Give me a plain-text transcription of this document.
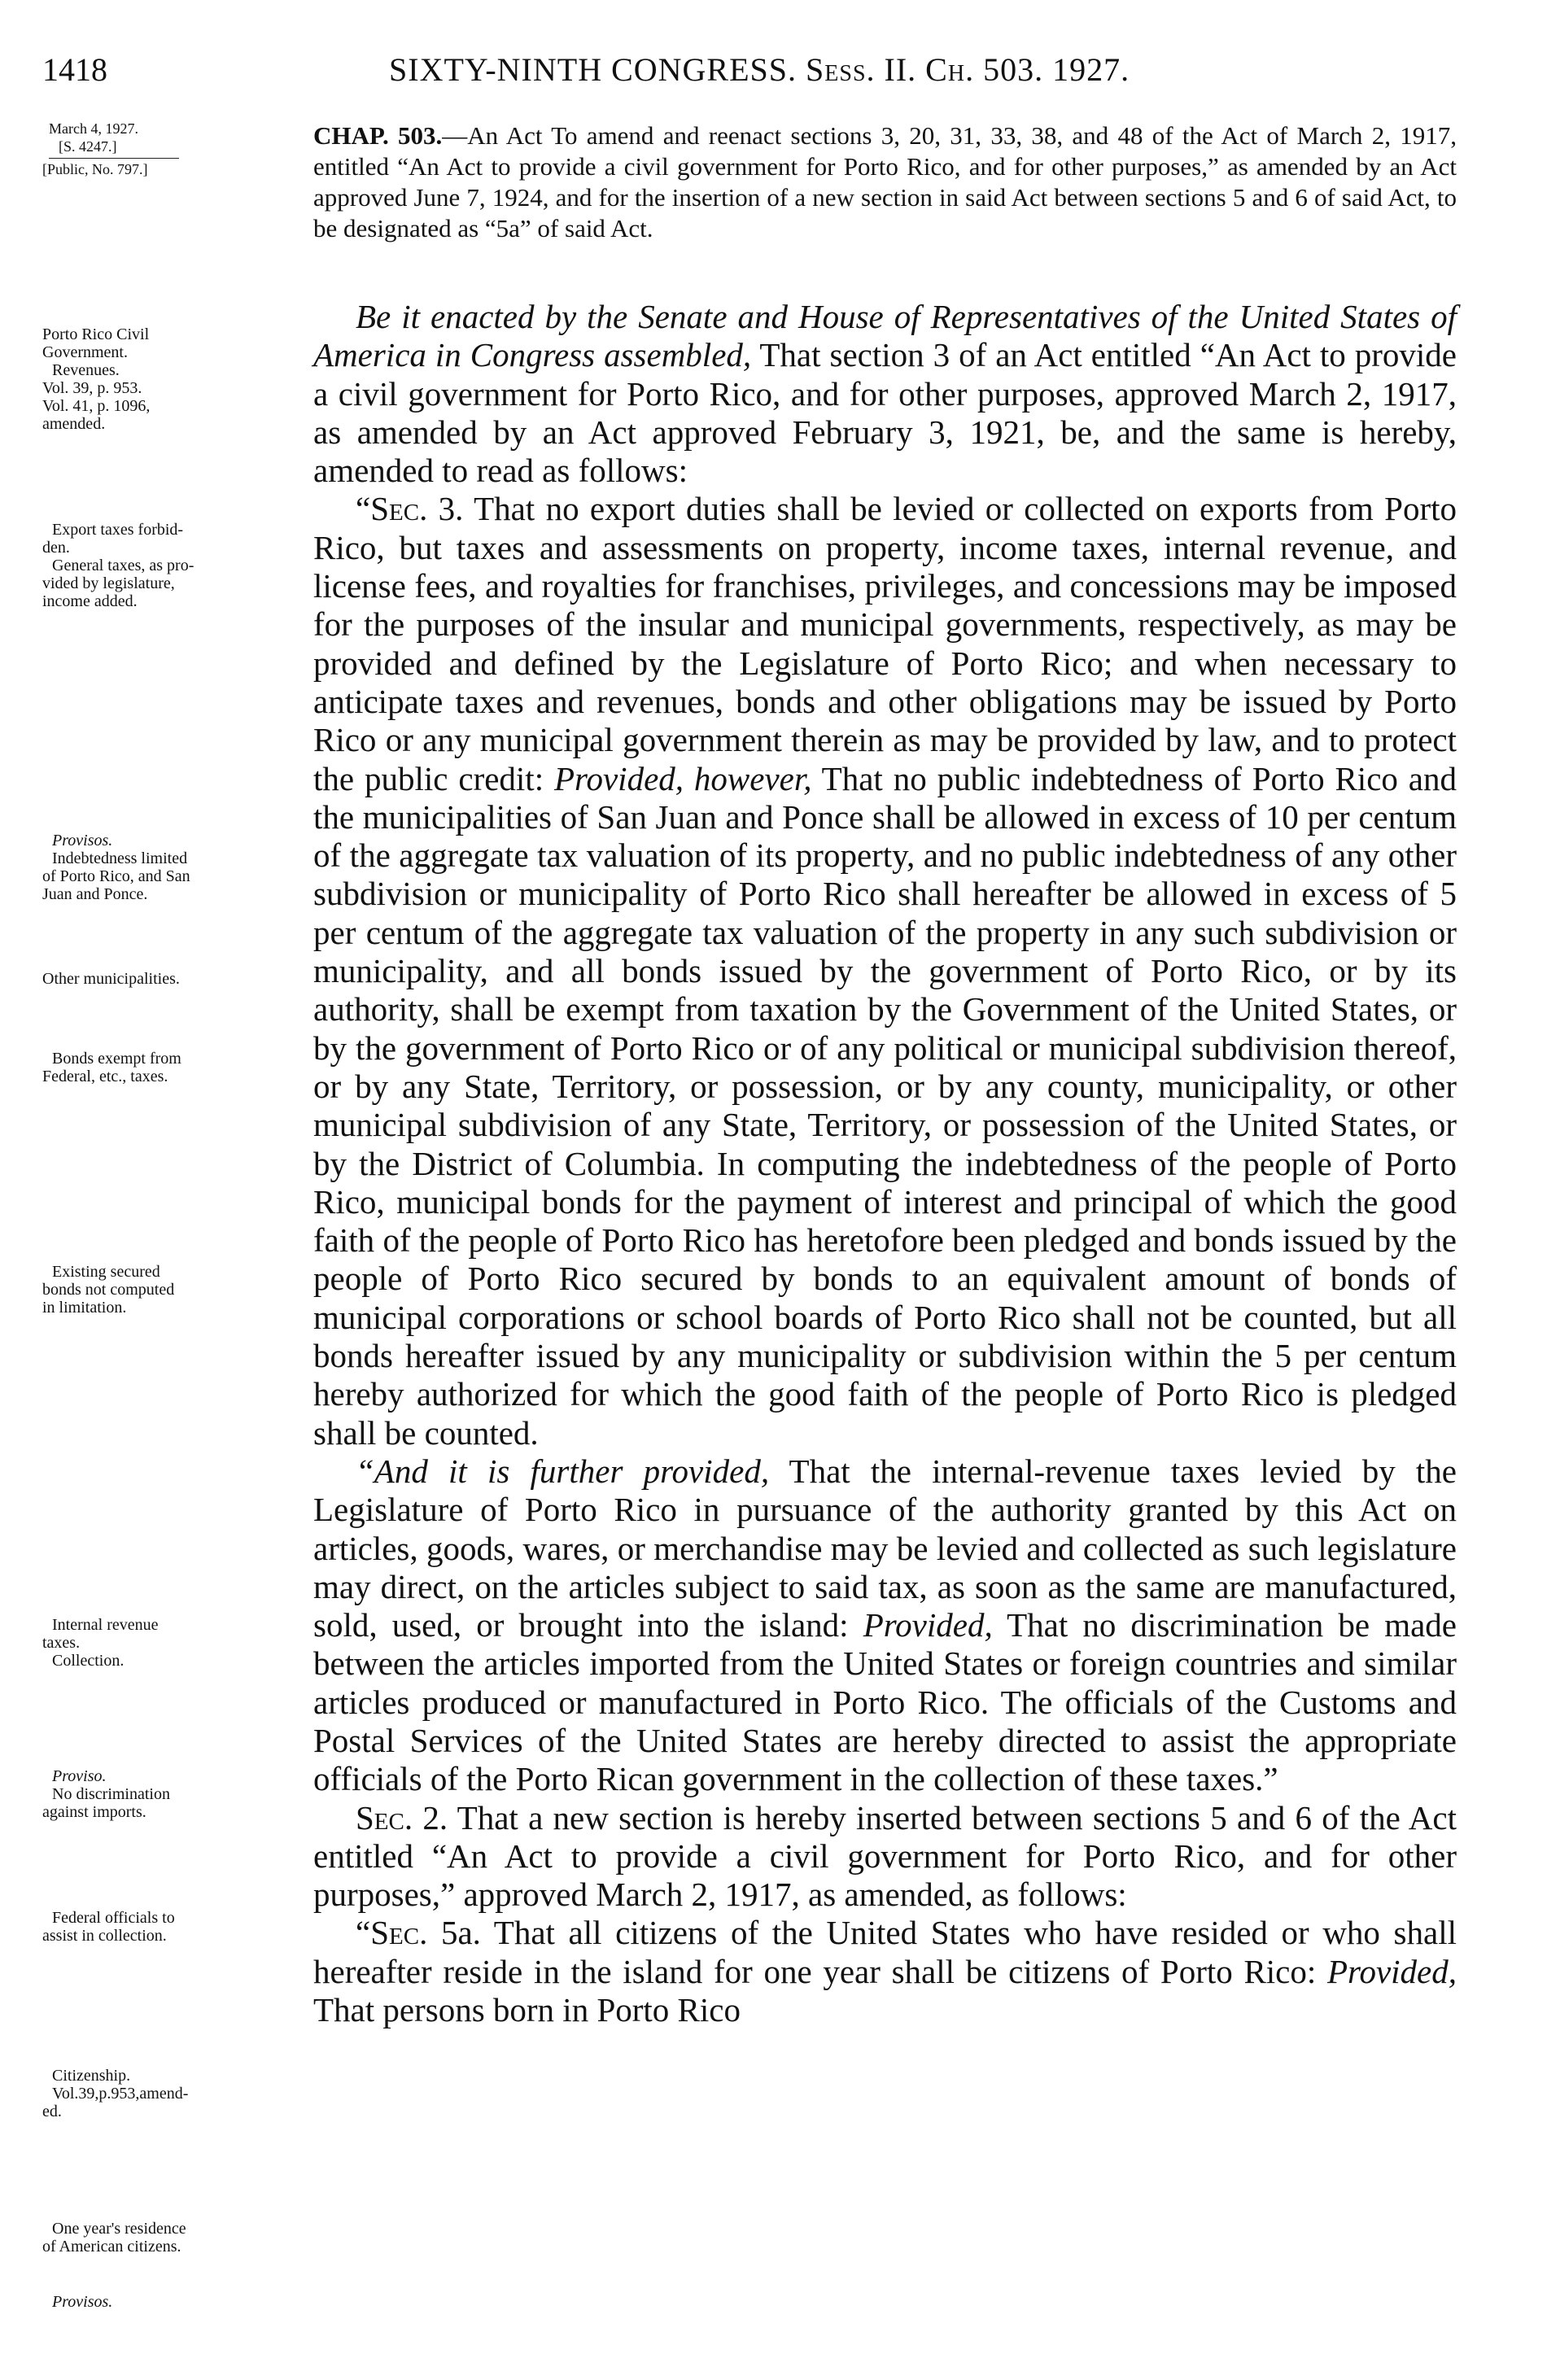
1418	SIXTY-NINTH CONGRESS. Sess. II. Ch. 503. 1927.
March 4, 1927.
[S. 4247.]
[Public, No. 797.]
CHAP. 503.—An Act To amend and reenact sections 3, 20, 31, 33, 38, and 48 of the Act of March 2, 1917, entitled “An Act to provide a civil government for Porto Rico, and for other purposes,” as amended by an Act approved June 7, 1924, and for the insertion of a new section in said Act between sections 5 and 6 of said Act, to be designated as “5a” of said Act.
Porto Rico Civil
Government.
Revenues.
Vol. 39, p. 953.
Vol. 41, p. 1096,
amended.
Export taxes forbid-
den.
General taxes, as pro-
vided by legislature,
income added.
Provisos.
Indebtedness limited
of Porto Rico, and San
Juan and Ponce.
Other municipalities.
Bonds exempt from
Federal, etc., taxes.
Existing secured
bonds not computed
in limitation.
Internal revenue
taxes.
Collection.
Proviso.
No discrimination
against imports.
Federal officials to
assist in collection.
Citizenship.
Vol.39,p.953,amend-
ed.
One year's residence
of American citizens.
Provisos.

Be it enacted by the Senate and House of Representatives of the United States of America in Congress assembled, That section 3 of an Act entitled “An Act to provide a civil government for Porto Rico, and for other purposes, approved March 2, 1917, as amended by an Act approved February 3, 1921, be, and the same is hereby, amended to read as follows:

“Sec. 3. That no export duties shall be levied or collected on exports from Porto Rico, but taxes and assessments on property, income taxes, internal revenue, and license fees, and royalties for franchises, privileges, and concessions may be imposed for the purposes of the insular and municipal governments, respectively, as may be provided and defined by the Legislature of Porto Rico; and when necessary to anticipate taxes and revenues, bonds and other obligations may be issued by Porto Rico or any municipal government therein as may be provided by law, and to protect the public credit: Provided, however, That no public indebtedness of Porto Rico and the municipalities of San Juan and Ponce shall be allowed in excess of 10 per centum of the aggregate tax valuation of its property, and no public indebtedness of any other subdivision or municipality of Porto Rico shall hereafter be allowed in excess of 5 per centum of the aggregate tax valuation of the property in any such subdivision or municipality, and all bonds issued by the government of Porto Rico, or by its authority, shall be exempt from taxation by the Government of the United States, or by the government of Porto Rico or of any political or municipal subdivision thereof, or by any State, Territory, or possession, or by any county, municipality, or other municipal subdivision of any State, Territory, or possession of the United States, or by the District of Columbia. In computing the indebtedness of the people of Porto Rico, municipal bonds for the payment of interest and principal of which the good faith of the people of Porto Rico has heretofore been pledged and bonds issued by the people of Porto Rico secured by bonds to an equivalent amount of bonds of municipal corporations or school boards of Porto Rico shall not be counted, but all bonds hereafter issued by any municipality or subdivision within the 5 per centum hereby authorized for which the good faith of the people of Porto Rico is pledged shall be counted.

“And it is further provided, That the internal-revenue taxes levied by the Legislature of Porto Rico in pursuance of the authority granted by this Act on articles, goods, wares, or merchandise may be levied and collected as such legislature may direct, on the articles subject to said tax, as soon as the same are manufactured, sold, used, or brought into the island: Provided, That no discrimination be made between the articles imported from the United States or foreign countries and similar articles produced or manufactured in Porto Rico. The officials of the Customs and Postal Services of the United States are hereby directed to assist the appropriate officials of the Porto Rican government in the collection of these taxes.”

Sec. 2. That a new section is hereby inserted between sections 5 and 6 of the Act entitled “An Act to provide a civil government for Porto Rico, and for other purposes,” approved March 2, 1917, as amended, as follows:

“Sec. 5a. That all citizens of the United States who have resided or who shall hereafter reside in the island for one year shall be citizens of Porto Rico: Provided, That persons born in Porto Rico
